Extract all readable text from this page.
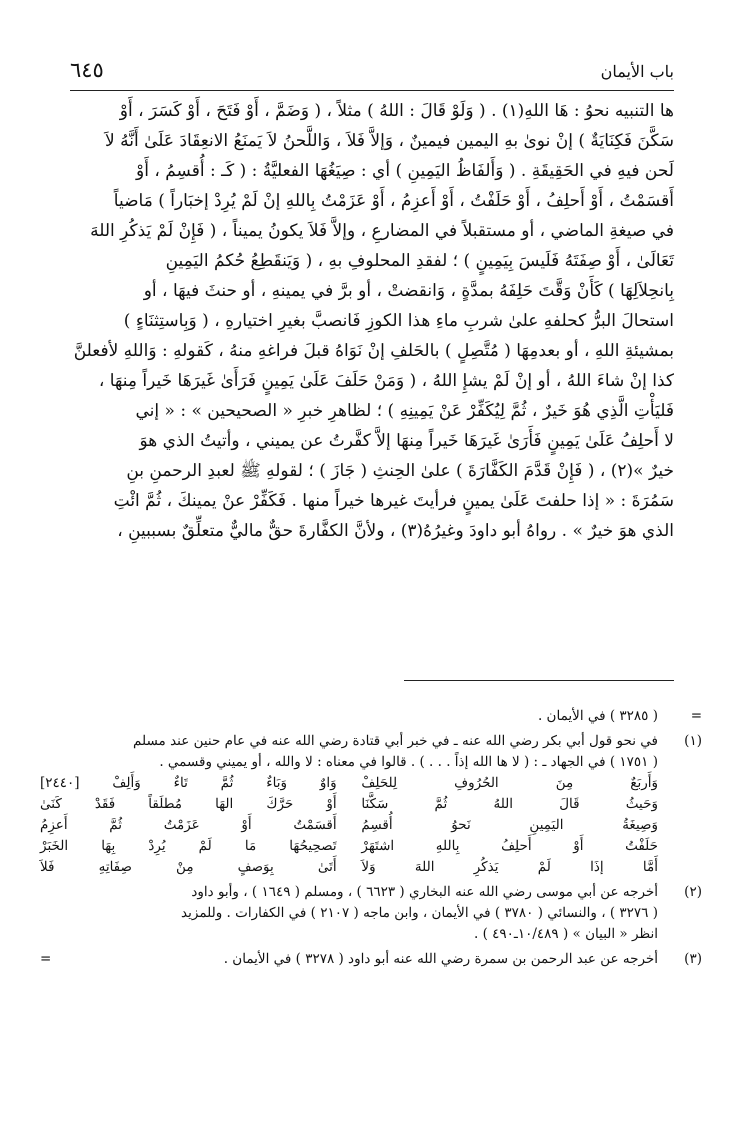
باب الأيمان
٦٤٥

ها التنبيه نحوُ : هَا اللهِ(١) . ( وَلَوْ قَالَ : اللهُ ) مثلاً ، ( وَضَمَّ ، أَوْ فَتَحَ ، أَوْ كَسَرَ ، أَوْ

سَكَّنَ فَكِنَايَةٌ ) إنْ نوىٰ بهِ اليمين فيمينٌ ، وَإلاَّ فَلاَ ، وَاللَّحنُ لاَ يَمنَعُ الانعِقَادَ عَلَىٰ أَنَّهُ لاَ

لَحن فيهِ في الحَقِيقَةِ . ( وَأَلفَاظُ اليَمِينِ ) أي : صِيَغُهَا الفعليَّةُ : ( كَـ : أُقسِمُ ، أَوْ

أَقسَمْتُ ، أَوْ أَحلِفُ ، أَوْ حَلَفْتُ ، أَوْ أَعزِمُ ، أَوْ عَزَمْتُ بِاللهِ إنْ لَمْ يُرِدْ إخبَاراً ) مَاضياً

في صيغةِ الماضي ، أو مستقبلاً في المضارعِ ، وإلاَّ فَلاَ يكونُ يميناً ، ( فَإِنْ لَمْ يَذكُرِ اللهَ

تَعَالَىٰ ، أَوْ صِفَتَهُ فَلَيسَ بِيَمِينٍ ) ؛ لفقدِ المحلوفِ بهِ ، ( وَيَنقَطِعُ حُكمُ اليَمِينِ

بِانحِلاَلِهَا ) كَأَنْ وَقَّتَ حَلِفَهُ بمدَّةٍ ، وَانقضتْ ، أو برَّ في يمينهِ ، أو حنثَ فيهَا ، أو

استحالَ البرُّ كحلفهِ علىٰ شربِ ماءِ هذا الكوزِ فَانصبَّ بغيرِ اختيارهِ ، ( وَبِاستِثنَاءٍ )

بمشيئةِ اللهِ ، أو بعدمِهَا ( مُتَّصِلٍ ) بالحَلفِ إنْ نَوَاهُ قبلَ فراغهِ منهُ ، كَقولهِ : وَاللهِ لأفعلنَّ

كذا إنْ شاءَ اللهُ ، أو إنْ لَمْ يشإِ اللهُ ، ( وَمَنْ حَلَفَ عَلَىٰ يَمِينٍ فَرَأَىٰ غَيرَهَا خَيراً مِنهَا ،

فَليَأْتِ الَّذِي هُوَ خَيرٌ ، ثُمَّ لِيُكَفِّرْ عَنْ يَمِينِهِ ) ؛ لظاهرِ خبرِ « الصحيحين » : « إني

لا أَحلِفُ عَلَىٰ يَمِينٍ فَأَرَىٰ غَيرَهَا خَيراً مِنهَا إلاَّ كفَّرتُ عن يميني ، وأتيتُ الذي هوَ

خيرٌ »(٢) ، ( فَإِنْ قَدَّمَ الكَفَّارَةَ ) علىٰ الحِنثِ ( جَازَ ) ؛ لقولهِ ﷺ لعبدِ الرحمنِ بنِ

سَمُرَةَ : « إذا حلفتَ عَلَىٰ يمينٍ فرأيتَ غيرها خيراً منها . فَكَفِّرْ عنْ يمينكَ ، ثُمَّ ائْتِ

الذي هوَ خيرٌ » . رواهُ أبو داودَ وغيرُهُ(٣) ، ولأنَّ الكفَّارةَ حقٌّ ماليٌّ متعلِّقٌ بسببينِ ،

=
( ٣٢٨٥ ) في الأيمان .
(١)
في نحو قول أبي بكر رضي الله عنه ـ في خبر أبي قتادة رضي الله عنه في عام حنين عند مسلم
( ١٧٥١ ) في الجهاد ـ : ( لا ها الله إذاً . . . ) . قالوا في معناه : لا والله ، أو يميني وقسمي .
وَأَربَعٌ مِنَ الحُرُوفِ لِلحَلِفْ
وَاوٌ وَبَاءٌ ثُمَّ تَاءٌ وَأَلِفْ [٢٤٤٠]
وَحَيثُ قَالَ اللهُ ثُمَّ سَكَّنَا
أَوْ حَرَّكَ الهَا مُطلَقاً فَقَدْ كَنَىٰ
وَصِيغَةُ اليَمِينِ نَحوُ أُقسِمُ
أَقسَمْتُ أَوْ عَزَمْتُ ثُمَّ أَعزِمُ
حَلَفْتُ أَوْ أَحلِفُ بِاللهِ اشتَهَرْ
تَصحِيحُهَا مَا لَمْ يُرِدْ بِهَا الخَبَرْ
أَمَّا إذَا لَمْ يَذكُرِ اللهَ وَلاَ
أَتَىٰ بِوَصفٍ مِنْ صِفَاتِهِ فَلاَ
(٢)
أخرجه عن أبي موسى رضي الله عنه البخاري ( ٦٦٢٣ ) ، ومسلم ( ١٦٤٩ ) ، وأبو داود
( ٣٢٧٦ ) ، والنسائي ( ٣٧٨٠ ) في الأيمان ، وابن ماجه ( ٢١٠٧ ) في الكفارات . وللمزيد
انظر « البيان » ( ١٠/٤٨٩ـ٤٩٠ ) .
(٣)
أخرجه عن عبد الرحمن بن سمرة رضي الله عنه أبو داود ( ٣٢٧٨ ) في الأيمان .
=
